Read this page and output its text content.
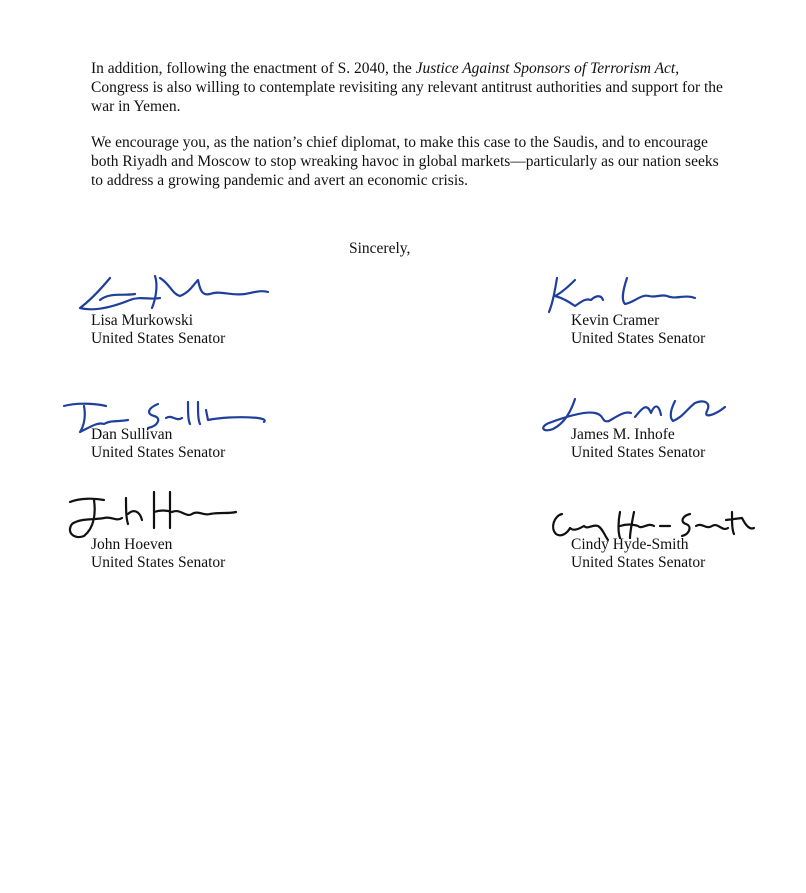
In addition, following the enactment of S. 2040, the Justice Against Sponsors of Terrorism Act, Congress is also willing to contemplate revisiting any relevant antitrust authorities and support for the war in Yemen.

We encourage you, as the nation’s chief diplomat, to make this case to the Saudis, and to encourage both Riyadh and Moscow to stop wreaking havoc in global markets—particularly as our nation seeks to address a growing pandemic and avert an economic crisis.

Sincerely,
Lisa Murkowski
United States Senator
Kevin Cramer
United States Senator
Dan Sullivan
United States Senator
James M. Inhofe
United States Senator
John Hoeven
United States Senator
Cindy Hyde-Smith
United States Senator
